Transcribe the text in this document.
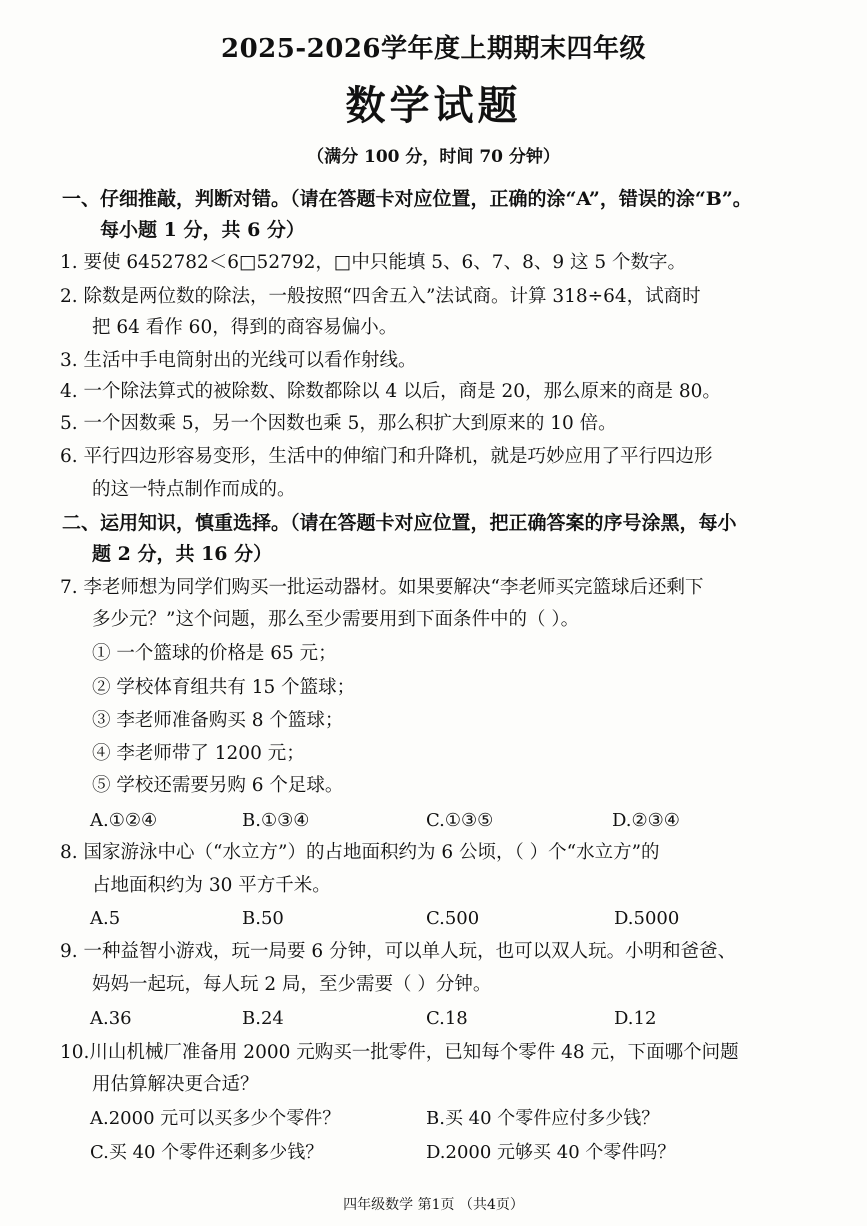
2025-2026学年度上期期末四年级
数学试题
（满分 100 分，时间 70 分钟）
一、仔细推敲，判断对错。（请在答题卡对应位置，正确的涂“A”，错误的涂“B”。
每小题 1 分，共 6 分）
1. 要使 6452782＜6□52792，□中只能填 5、6、7、8、9 这 5 个数字。
2. 除数是两位数的除法，一般按照“四舍五入”法试商。计算 318÷64，试商时
把 64 看作 60，得到的商容易偏小。
3. 生活中手电筒射出的光线可以看作射线。
4. 一个除法算式的被除数、除数都除以 4 以后，商是 20，那么原来的商是 80。
5. 一个因数乘 5，另一个因数也乘 5，那么积扩大到原来的 10 倍。
6. 平行四边形容易变形，生活中的伸缩门和升降机，就是巧妙应用了平行四边形
的这一特点制作而成的。
二、运用知识，慎重选择。（请在答题卡对应位置，把正确答案的序号涂黑，每小
题 2 分，共 16 分）
7. 李老师想为同学们购买一批运动器材。如果要解决“李老师买完篮球后还剩下
多少元？”这个问题，那么至少需要用到下面条件中的（ ）。
① 一个篮球的价格是 65 元；
② 学校体育组共有 15 个篮球；
③ 李老师准备购买 8 个篮球；
④ 李老师带了 1200 元；
⑤ 学校还需要另购 6 个足球。
A.①②④	B.①③④	C.①③⑤	D.②③④
8. 国家游泳中心（“水立方”）的占地面积约为 6 公顷，（ ）个“水立方”的
占地面积约为 30 平方千米。
A.5	B.50	C.500	D.5000
9. 一种益智小游戏，玩一局要 6 分钟，可以单人玩，也可以双人玩。小明和爸爸、
妈妈一起玩，每人玩 2 局，至少需要（ ）分钟。
A.36	B.24	C.18	D.12
10.川山机械厂准备用 2000 元购买一批零件，已知每个零件 48 元，下面哪个问题
用估算解决更合适？
A.2000 元可以买多少个零件？	B.买 40 个零件应付多少钱？
C.买 40 个零件还剩多少钱？	D.2000 元够买 40 个零件吗？
四年级数学 第1页 （共4页）
